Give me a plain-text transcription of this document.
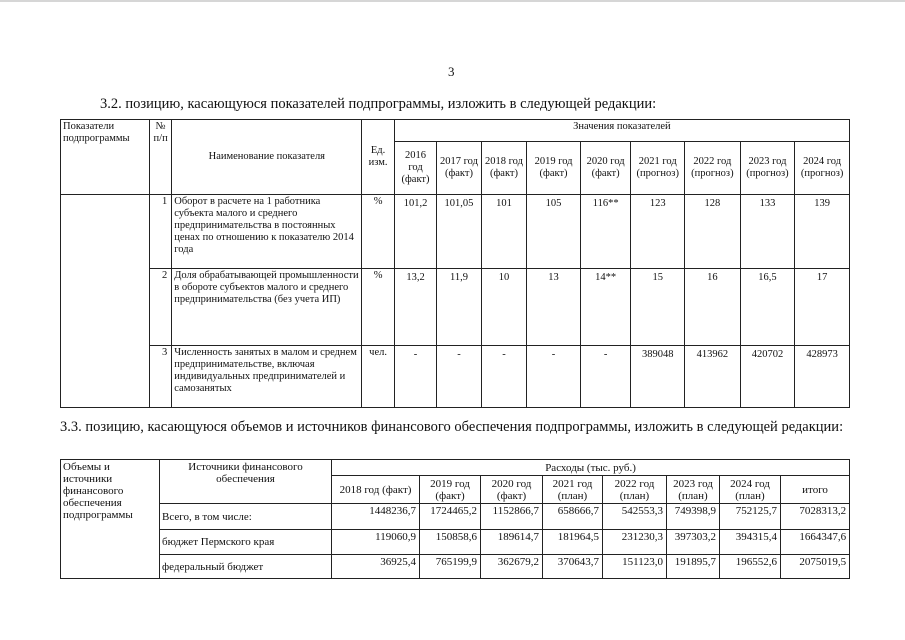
3
3.2. позицию, касающуюся показателей подпрограммы, изложить в следующей редакции:
Показатели подпрограммы	№ п/п	Наименование показателя	Ед. изм.	Значения показателей								
				2016 год (факт)	2017 год (факт)	2018 год (факт)	2019 год (факт)	2020 год (факт)	2021 год (прогноз)	2022 год (прогноз)	2023 год (прогноз)	2024 год (прогноз)
	1	Оборот в расчете на 1 работника субъекта малого и среднего предпринимательства в постоянных ценах по отношению к показателю 2014 года	%	101,2	101,05	101	105	116**	123	128	133	139
	2	Доля обрабатывающей промышленности в обороте субъектов малого и среднего предпринимательства (без учета ИП)	%	13,2	11,9	10	13	14**	15	16	16,5	17
	3	Численность занятых в малом и среднем предпринимательстве, включая индивидуальных предпринимателей и самозанятых	чел.	-	-	-	-	-	389048	413962	420702	428973
3.3. позицию, касающуюся объемов и источников финансового обеспечения подпрограммы, изложить в следующей редакции:
Объемы и источники финансового обеспечения подпрограммы	Источники финансового обеспечения	Расходы (тыс. руб.)							
		2018 год (факт)	2019 год (факт)	2020 год (факт)	2021 год (план)	2022 год (план)	2023 год (план)	2024 год (план)	итого
	Всего, в том числе:	1448236,7	1724465,2	1152866,7	658666,7	542553,3	749398,9	752125,7	7028313,2
	бюджет Пермского края	119060,9	150858,6	189614,7	181964,5	231230,3	397303,2	394315,4	1664347,6
	федеральный бюджет	36925,4	765199,9	362679,2	370643,7	151123,0	191895,7	196552,6	2075019,5
